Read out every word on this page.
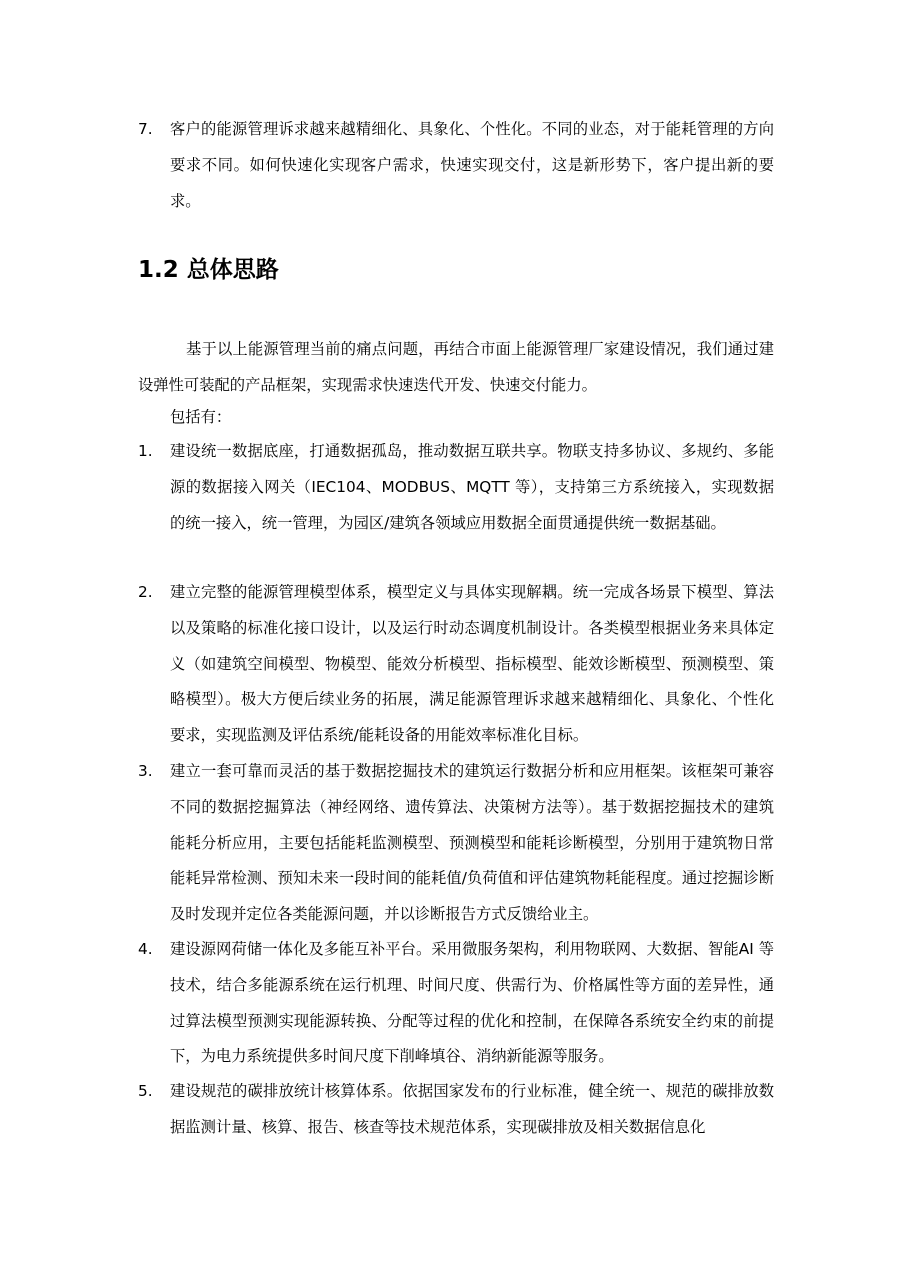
7. 客户的能源管理诉求越来越精细化、具象化、个性化。不同的业态，对于能耗管理的方向要求不同。如何快速化实现客户需求，快速实现交付，这是新形势下，客户提出新的要求。
1.2 总体思路

基于以上能源管理当前的痛点问题，再结合市面上能源管理厂家建设情况，我们通过建设弹性可装配的产品框架，实现需求快速迭代开发、快速交付能力。

包括有：

1. 建设统一数据底座，打通数据孤岛，推动数据互联共享。物联支持多协议、多规约、多能源的数据接入网关（IEC104、MODBUS、MQTT 等），支持第三方系统接入，实现数据的统一接入，统一管理，为园区/建筑各领域应用数据全面贯通提供统一数据基础。
2. 建立完整的能源管理模型体系，模型定义与具体实现解耦。统一完成各场景下模型、算法以及策略的标准化接口设计，以及运行时动态调度机制设计。各类模型根据业务来具体定义（如建筑空间模型、物模型、能效分析模型、指标模型、能效诊断模型、预测模型、策略模型）。极大方便后续业务的拓展，满足能源管理诉求越来越精细化、具象化、个性化要求，实现监测及评估系统/能耗设备的用能效率标准化目标。
3. 建立一套可靠而灵活的基于数据挖掘技术的建筑运行数据分析和应用框架。该框架可兼容不同的数据挖掘算法（神经网络、遗传算法、决策树方法等）。基于数据挖掘技术的建筑能耗分析应用，主要包括能耗监测模型、预测模型和能耗诊断模型，分别用于建筑物日常能耗异常检测、预知未来一段时间的能耗值/负荷值和评估建筑物耗能程度。通过挖掘诊断及时发现并定位各类能源问题，并以诊断报告方式反馈给业主。
4. 建设源网荷储一体化及多能互补平台。采用微服务架构，利用物联网、大数据、智能AI 等技术，结合多能源系统在运行机理、时间尺度、供需行为、价格属性等方面的差异性，通过算法模型预测实现能源转换、分配等过程的优化和控制，在保障各系统安全约束的前提下，为电力系统提供多时间尺度下削峰填谷、消纳新能源等服务。
5. 建设规范的碳排放统计核算体系。依据国家发布的行业标准，健全统一、规范的碳排放数据监测计量、核算、报告、核查等技术规范体系，实现碳排放及相关数据信息化
